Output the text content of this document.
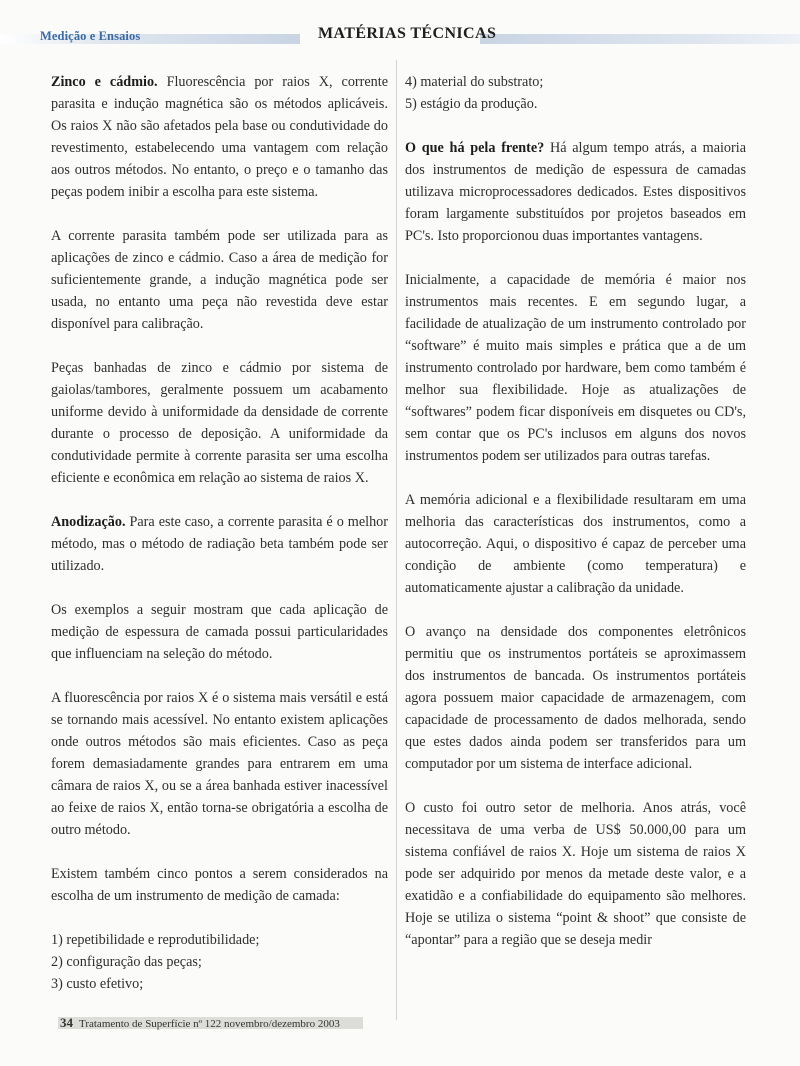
Medição e Ensaios	MATÉRIAS TÉCNICAS

Zinco e cádmio. Fluorescência por raios X, corrente parasita e indução magnética são os métodos aplicáveis. Os raios X não são afetados pela base ou condutividade do revestimento, estabelecendo uma vantagem com relação aos outros métodos. No entanto, o preço e o tamanho das peças podem inibir a escolha para este sistema.

A corrente parasita também pode ser utilizada para as aplicações de zinco e cádmio. Caso a área de medição for suficientemente grande, a indução magnética pode ser usada, no entanto uma peça não revestida deve estar disponível para calibração.

Peças banhadas de zinco e cádmio por sistema de gaiolas/tambores, geralmente possuem um acabamento uniforme devido à uniformidade da densidade de corrente durante o processo de deposição. A uniformidade da condutividade permite à corrente parasita ser uma escolha eficiente e econômica em relação ao sistema de raios X.

Anodização. Para este caso, a corrente parasita é o melhor método, mas o método de radiação beta também pode ser utilizado.

Os exemplos a seguir mostram que cada aplicação de medição de espessura de camada possui particularidades que influenciam na seleção do método.

A fluorescência por raios X é o sistema mais versátil e está se tornando mais acessível. No entanto existem aplicações onde outros métodos são mais eficientes. Caso as peça forem demasiadamente grandes para entrarem em uma câmara de raios X, ou se a área banhada estiver inacessível ao feixe de raios X, então torna-se obrigatória a escolha de outro método.

Existem também cinco pontos a serem considerados na escolha de um instrumento de medição de camada:

1) repetibilidade e reprodutibilidade;

2) configuração das peças;

3) custo efetivo;

4) material do substrato;

5) estágio da produção.

O que há pela frente? Há algum tempo atrás, a maioria dos instrumentos de medição de espessura de camadas utilizava microprocessadores dedicados. Estes dispositivos foram largamente substituídos por projetos baseados em PC's. Isto proporcionou duas importantes vantagens.

Inicialmente, a capacidade de memória é maior nos instrumentos mais recentes. E em segundo lugar, a facilidade de atualização de um instrumento controlado por “software” é muito mais simples e prática que a de um instrumento controlado por hardware, bem como também é melhor sua flexibilidade. Hoje as atualizações de “softwares” podem ficar disponíveis em disquetes ou CD's, sem contar que os PC's inclusos em alguns dos novos instrumentos podem ser utilizados para outras tarefas.

A memória adicional e a flexibilidade resultaram em uma melhoria das características dos instrumentos, como a autocorreção. Aqui, o dispositivo é capaz de perceber uma condição de ambiente (como temperatura) e automaticamente ajustar a calibração da unidade.

O avanço na densidade dos componentes eletrônicos permitiu que os instrumentos portáteis se aproximassem dos instrumentos de bancada. Os instrumentos portáteis agora possuem maior capacidade de armazenagem, com capacidade de processamento de dados melhorada, sendo que estes dados ainda podem ser transferidos para um computador por um sistema de interface adicional.

O custo foi outro setor de melhoria. Anos atrás, você necessitava de uma verba de US$ 50.000,00 para um sistema confiável de raios X. Hoje um sistema de raios X pode ser adquirido por menos da metade deste valor, e a exatidão e a confiabilidade do equipamento são melhores. Hoje se utiliza o sistema “point & shoot” que consiste de “apontar” para a região que se deseja medir

34 Tratamento de Superfície nº 122 novembro/dezembro 2003
